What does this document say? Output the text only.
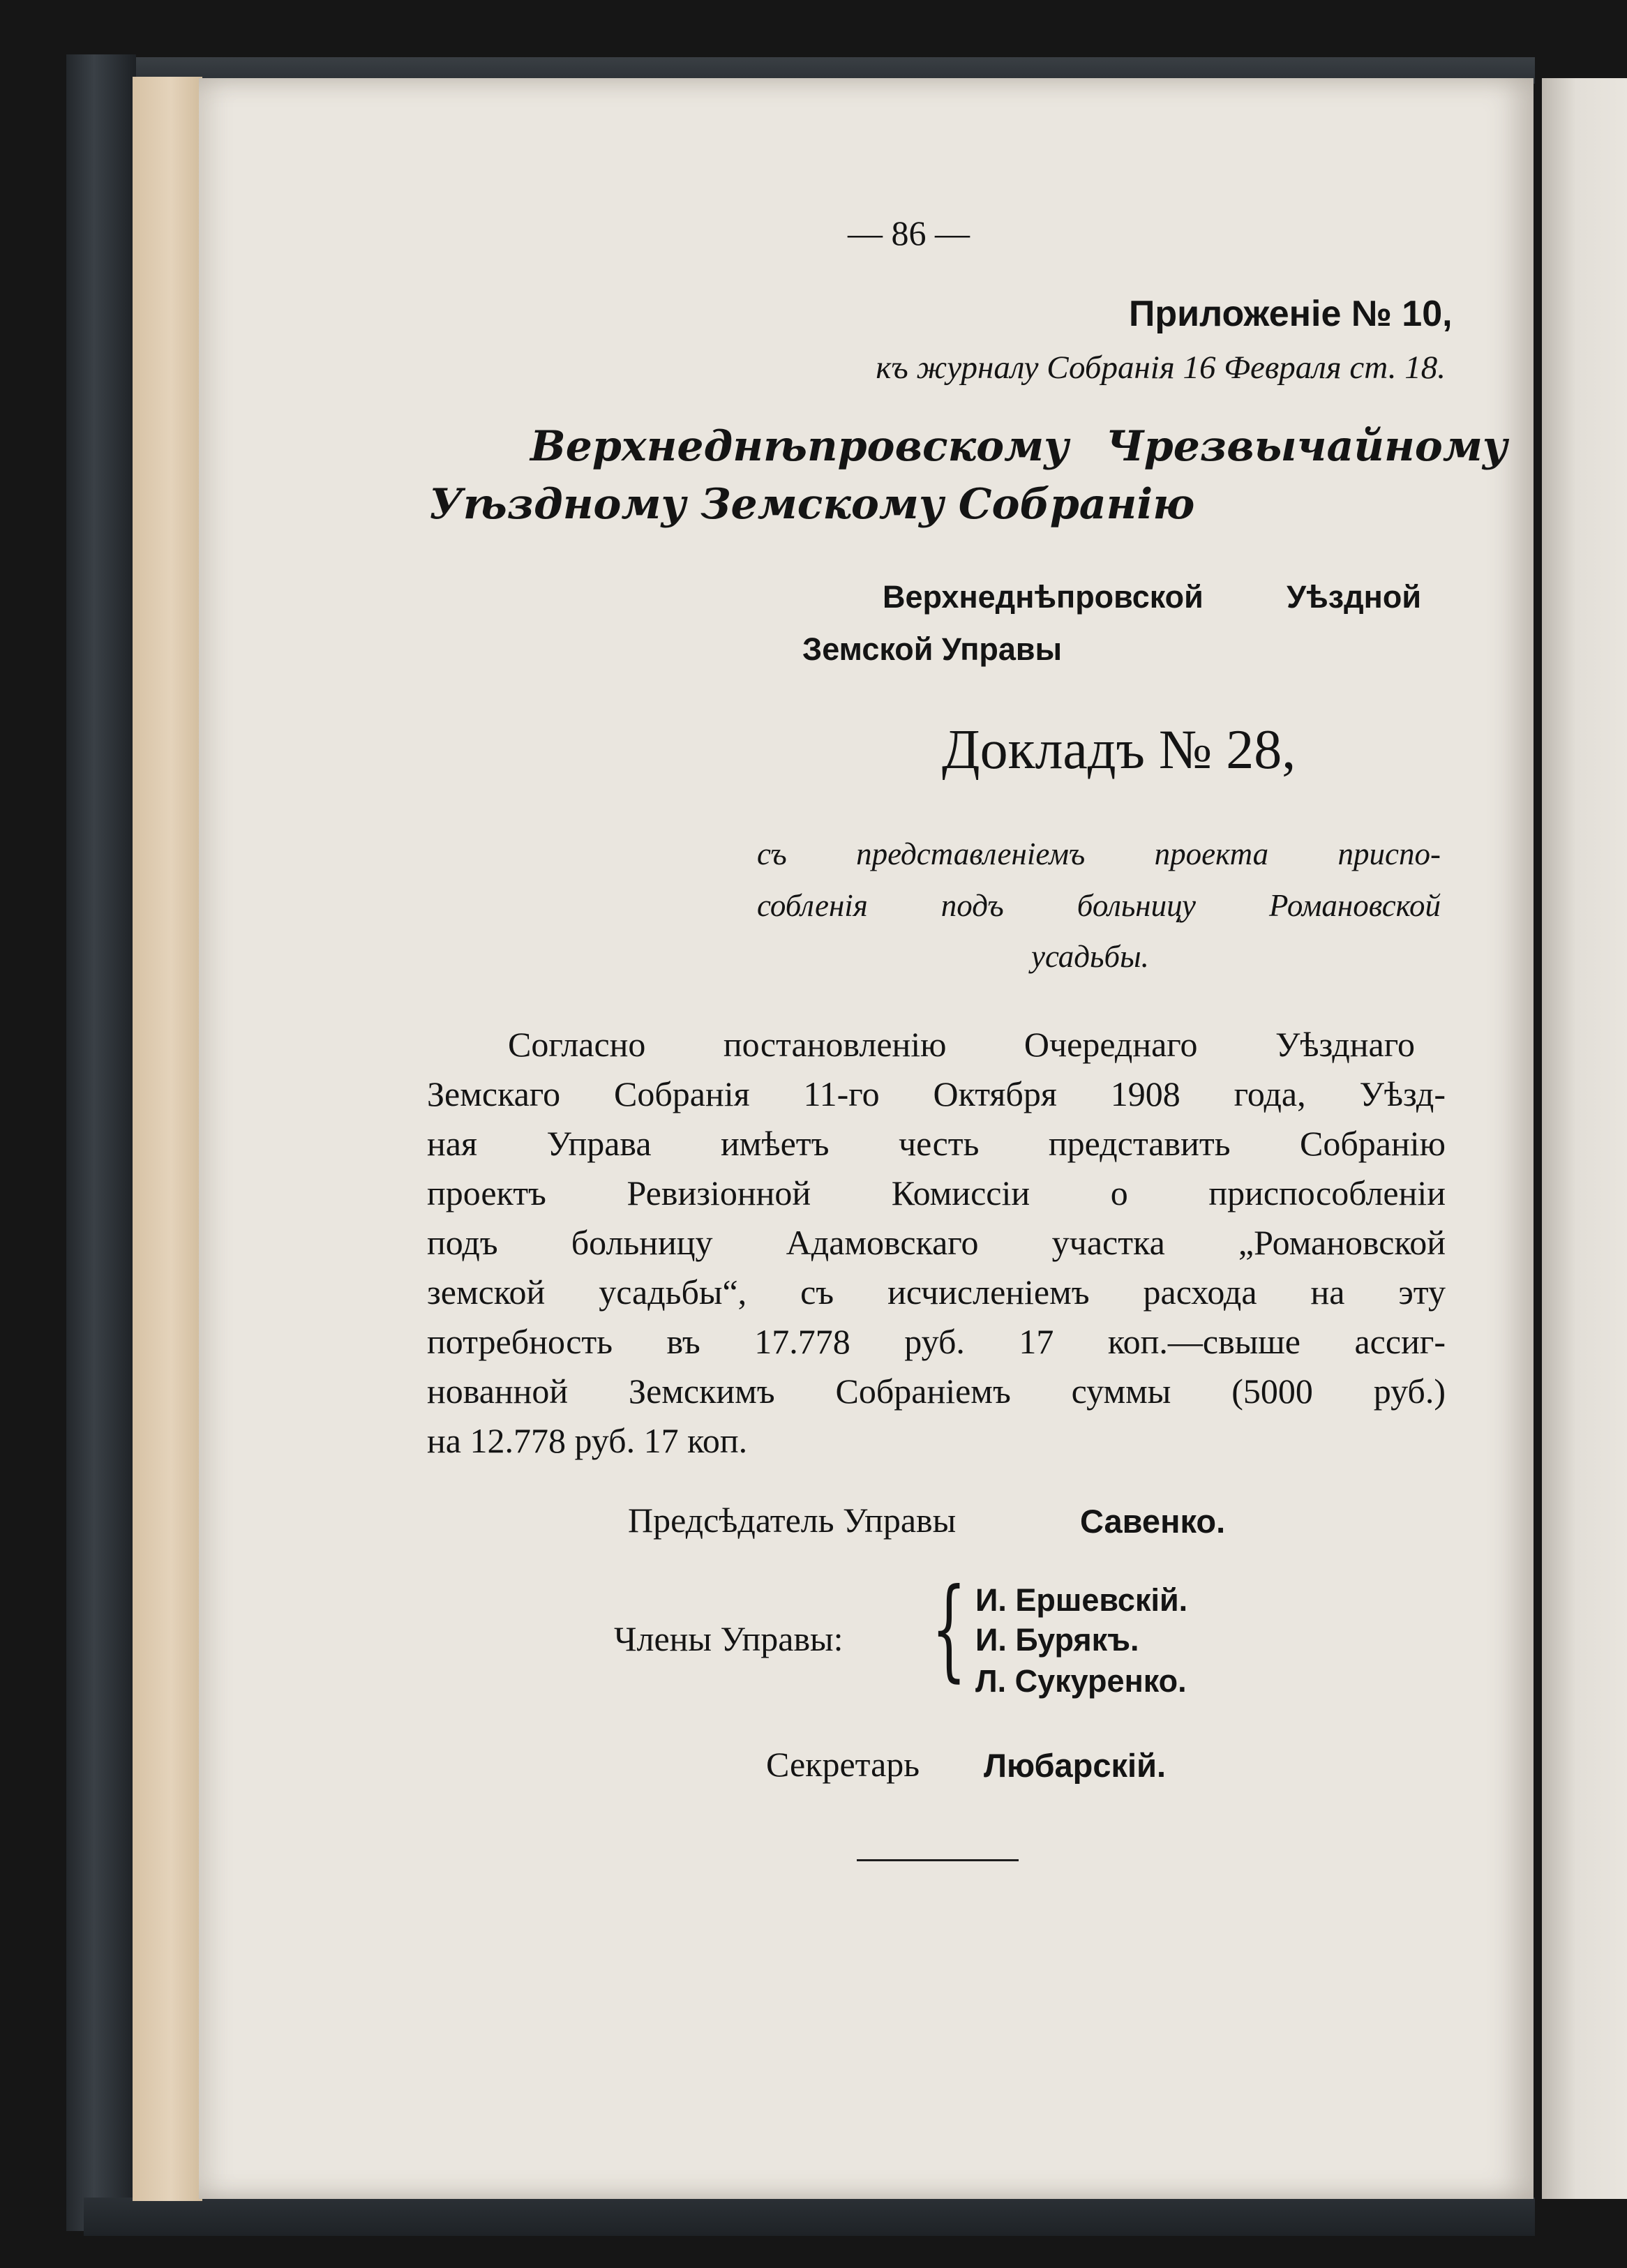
— 86 —
Приложеніе № 10,
къ журналу Собранія 16 Февраля ст. 18.
Верхнеднѣпровскому Чрезвычайному
Уѣздному Земскому Собранію
Верхнеднѣпровской Уѣздной
Земской Управы
Докладъ № 28,
съ представленіемъ проекта приспо-
собленія подъ больницу Романовской
усадьбы.
Согласно постановленію Очереднаго Уѣзднаго
Земскаго Собранія 11-го Октября 1908 года, Уѣзд-
ная Управа имѣетъ честь представить Собранію
проектъ Ревизіонной Комиссіи о приспособленіи
подъ больницу Адамовскаго участка „Романовской
земской усадьбы“, съ исчисленіемъ расхода на эту
потребность въ 17.778 руб. 17 коп.—свыше ассиг-
нованной Земскимъ Собраніемъ суммы (5000 руб.)
на 12.778 руб. 17 коп.
Предсѣдатель Управы	Савенко.
Члены Управы: { И. Ершевскій.
И. Бурякъ.
Л. Сукуренко.
Секретарь Любарскій.
